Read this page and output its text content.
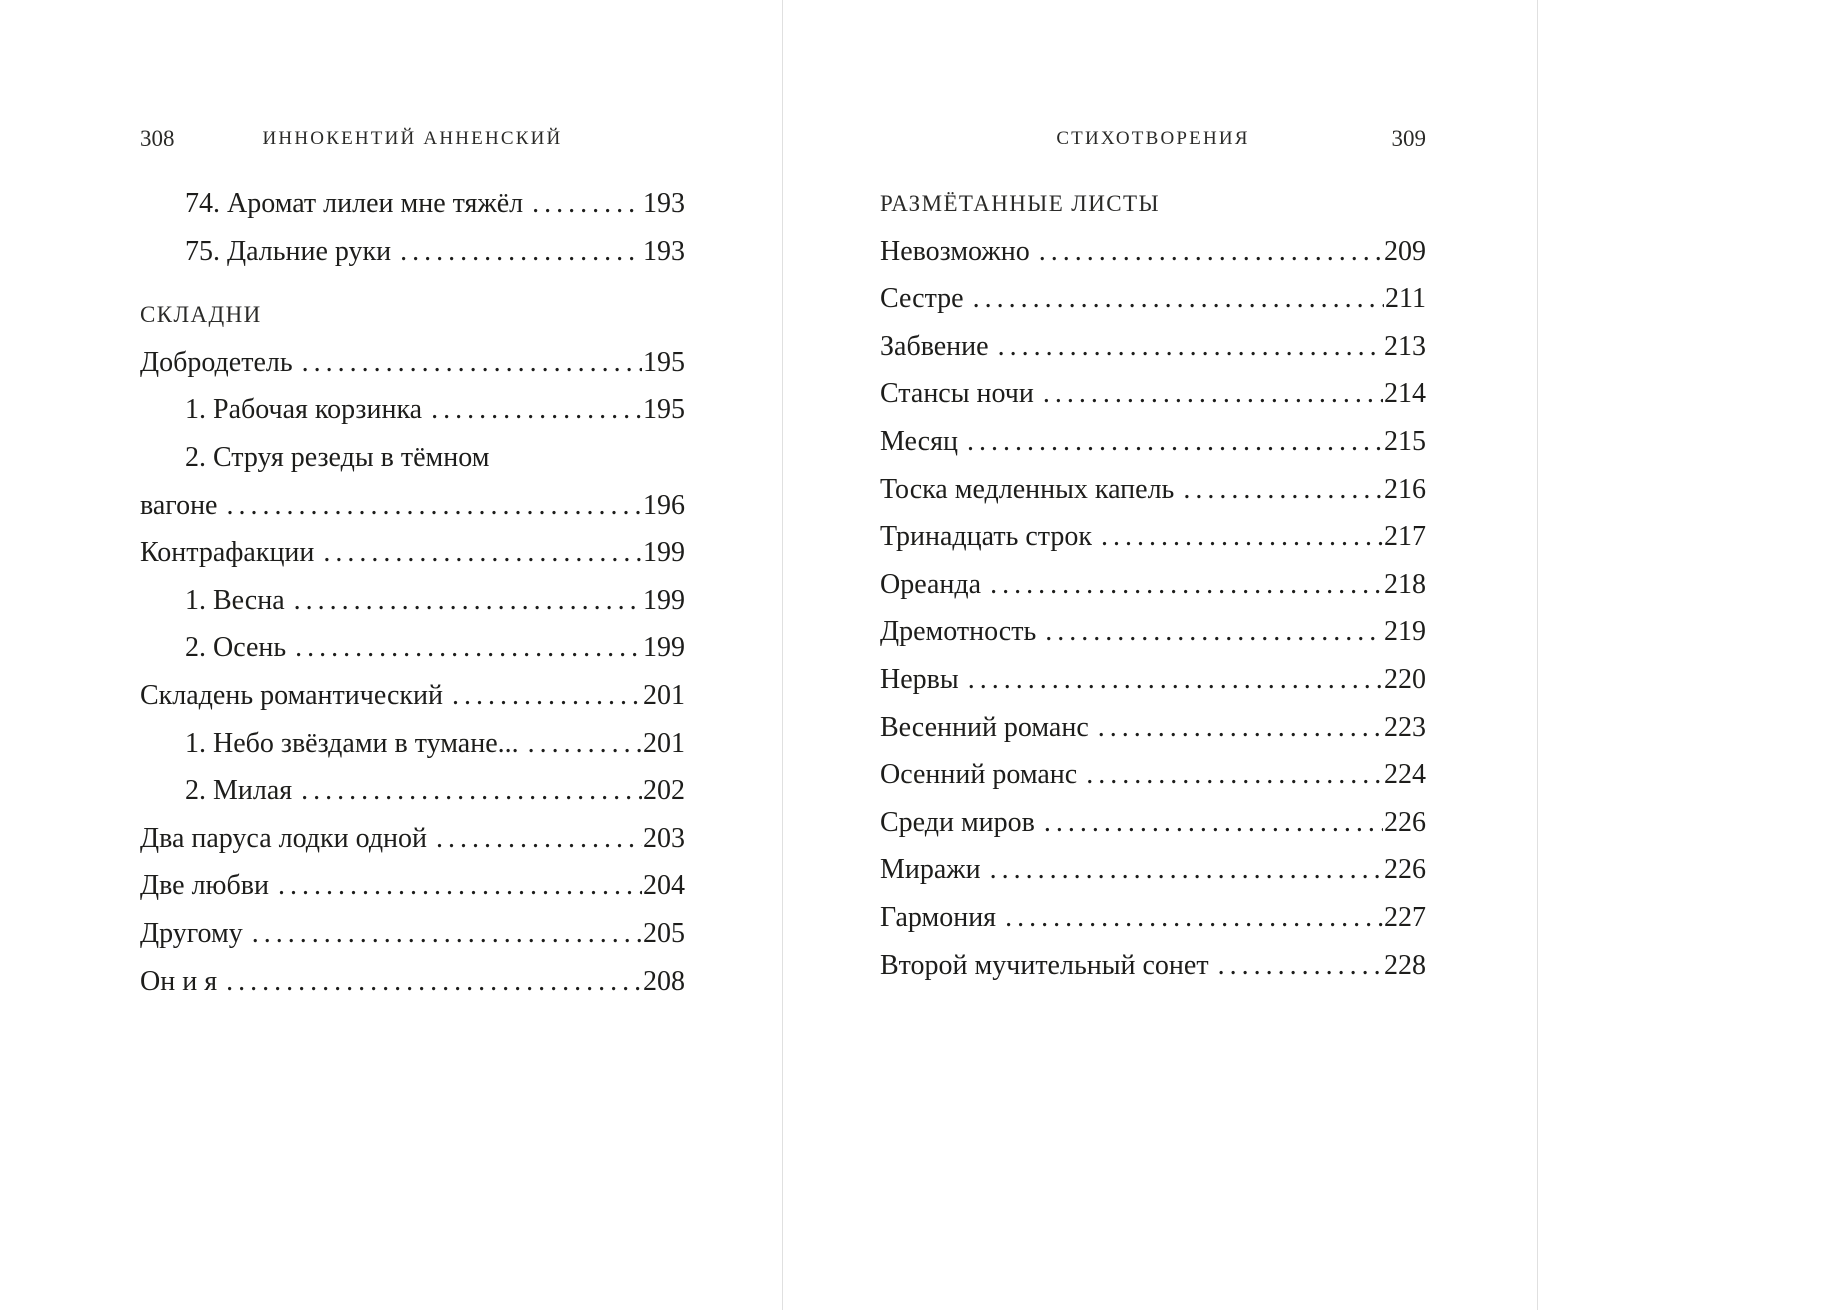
308	ИННОКЕНТИЙ АННЕНСКИЙ
74. Аромат лилеи мне тяжёл .....	193
75. Дальние руки .....	193
СКЛАДНИ
Добродетель .....	195
1. Рабочая корзинка .....	195
2. Струя резеды в тёмном
вагоне .....	196
Контрафакции .....	199
1. Весна .....	199
2. Осень .....	199
Складень романтический .....	201
1. Небо звёздами в тумане... .....	201
2. Милая .....	202
Два паруса лодки одной .....	203
Две любви .....	204
Другому .....	205
Он и я .....	208
СТИХОТВОРЕНИЯ	309
РАЗМЁТАННЫЕ ЛИСТЫ
Невозможно .....	209
Сестре .....	211
Забвение .....	213
Стансы ночи .....	214
Месяц .....	215
Тоска медленных капель .....	216
Тринадцать строк .....	217
Ореанда .....	218
Дремотность .....	219
Нервы .....	220
Весенний романс .....	223
Осенний романс .....	224
Среди миров .....	226
Миражи .....	226
Гармония .....	227
Второй мучительный сонет .....	228
